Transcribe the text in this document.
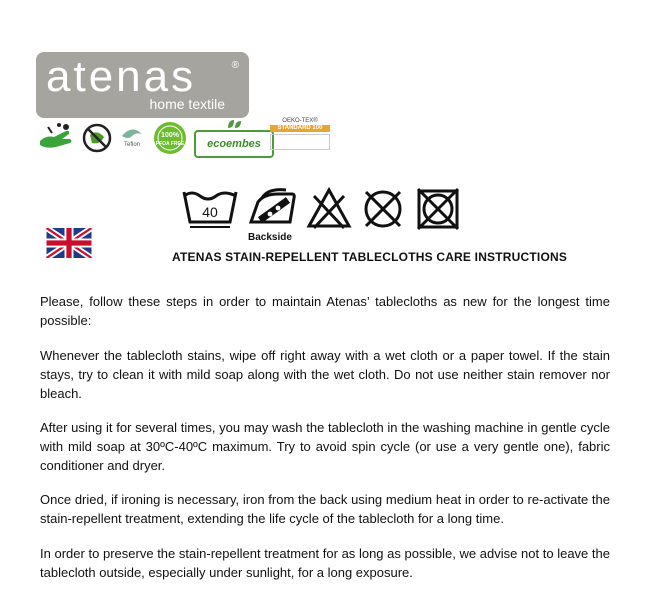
atenas	®
home textile
Teflon
100%
PFOA FREE	ecoembes
OEKO-TEX®
STANDARD 100
40
Backside
ATENAS STAIN-REPELLENT TABLECLOTHS CARE INSTRUCTIONS
Please, follow these steps in order to maintain Atenas’ tablecloths as new for the longest time possible:
Whenever the tablecloth stains, wipe off right away with a wet cloth or a paper towel. If the stain stays, try to clean it with mild soap along with the wet cloth. Do not use neither stain remover nor bleach.
After using it for several times, you may wash the tablecloth in the washing machine in gentle cycle with mild soap at 30ºC-40ºC maximum. Try to avoid spin cycle (or use a very gentle one), fabric conditioner and dryer.
Once dried, if ironing is necessary, iron from the back using medium heat in order to re-activate the stain-repellent treatment, extending the life cycle of the tablecloth for a long time.
In order to preserve the stain-repellent treatment for as long as possible, we advise not to leave the tablecloth outside, especially under sunlight, for a long exposure.
